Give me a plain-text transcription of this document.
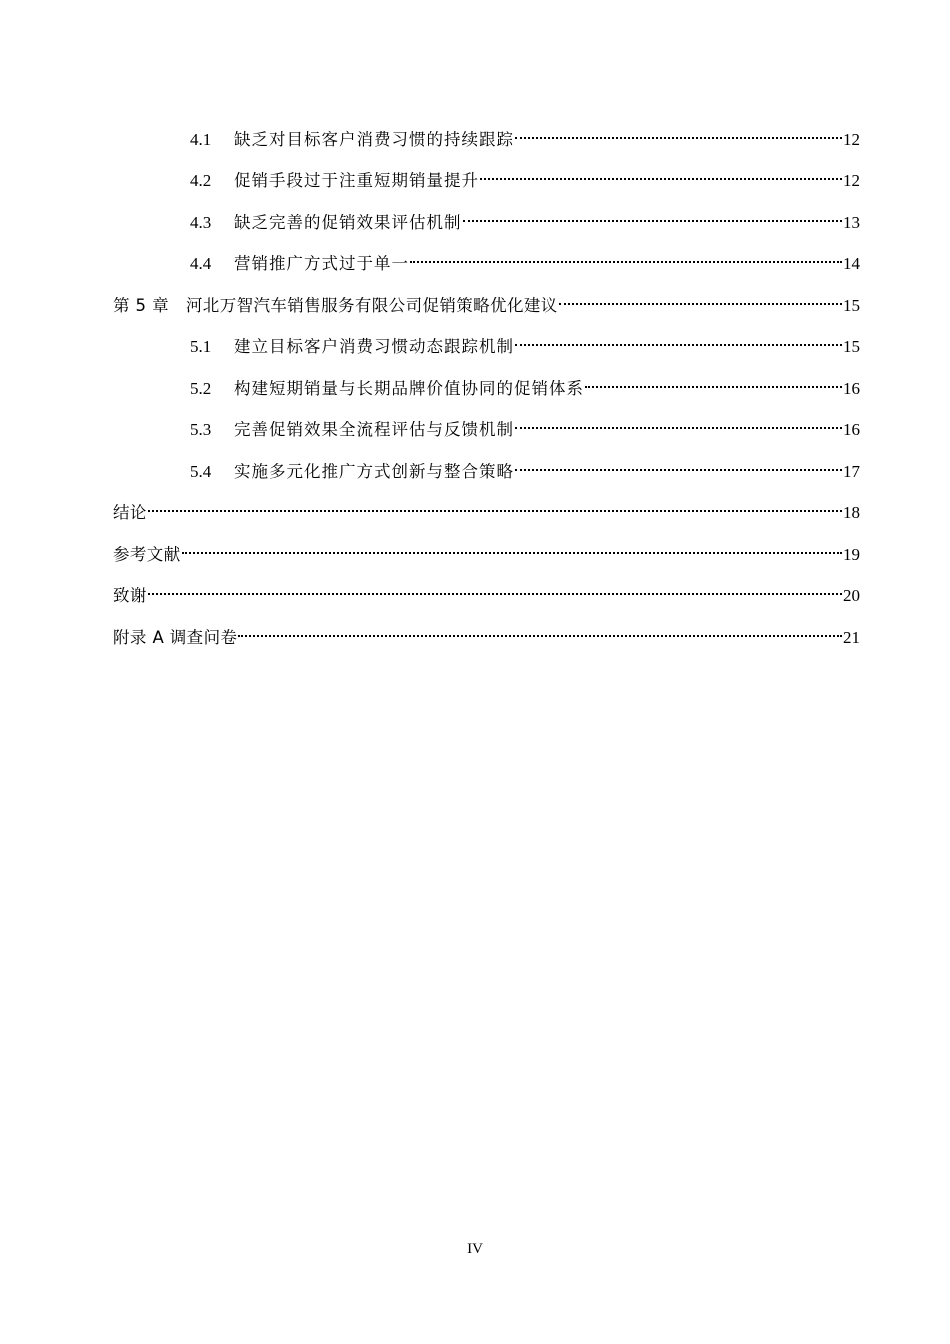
4.1	缺乏对目标客户消费习惯的持续跟踪	12
4.2	促销手段过于注重短期销量提升	12
4.3	缺乏完善的促销效果评估机制	13
4.4	营销推广方式过于单一	14
第 5 章　河北万智汽车销售服务有限公司促销策略优化建议	15
5.1	建立目标客户消费习惯动态跟踪机制	15
5.2	构建短期销量与长期品牌价值协同的促销体系	16
5.3	完善促销效果全流程评估与反馈机制	16
5.4	实施多元化推广方式创新与整合策略	17
结论	18
参考文献	19
致谢	20
附录 A 调查问卷	21
IV
